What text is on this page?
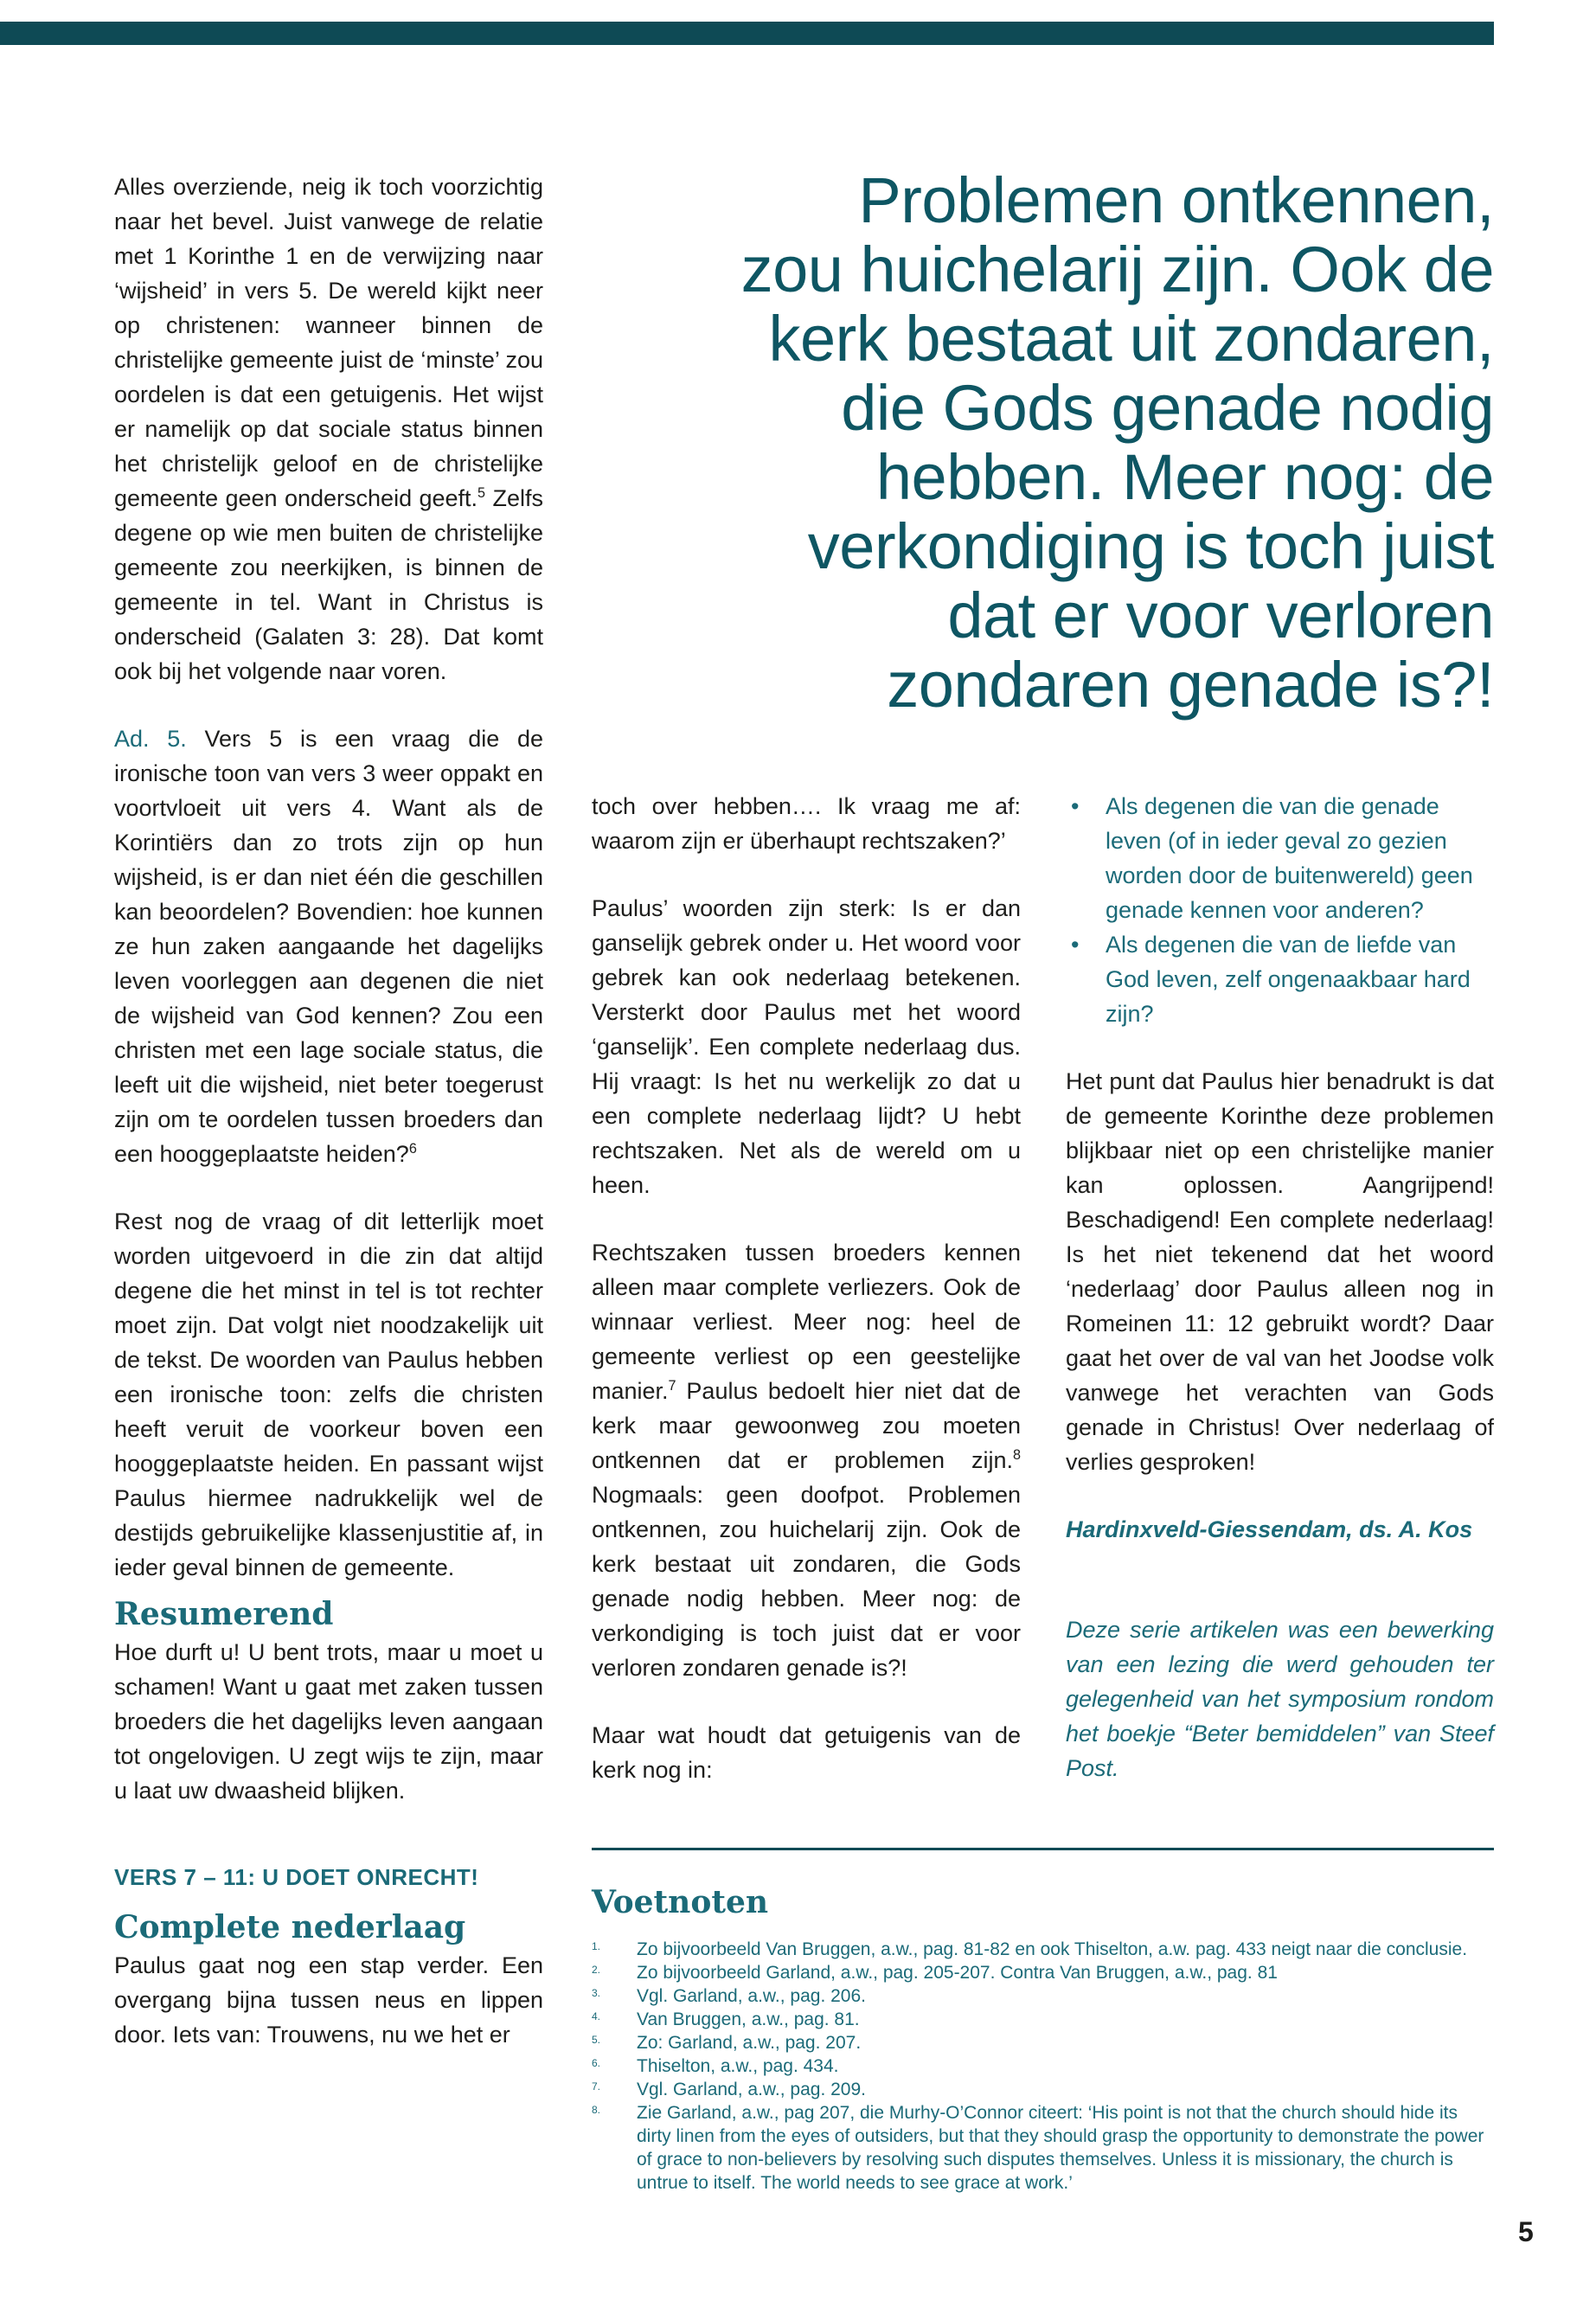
Alles overziende, neig ik toch voorzichtig naar het bevel. Juist vanwege de relatie met 1 Korinthe 1 en de verwijzing naar ‘wijsheid’ in vers 5. De wereld kijkt neer op christenen: wanneer binnen de christelijke gemeente juist de ‘minste’ zou oordelen is dat een getuigenis. Het wijst er namelijk op dat sociale status binnen het christelijk geloof en de christelijke gemeente geen onderscheid geeft.$^5$ Zelfs degene op wie men buiten de christelijke gemeente zou neerkijken, is binnen de gemeente in tel. Want in Christus is onderscheid (Galaten 3: 28). Dat komt ook bij het volgende naar voren.

Ad. 5. Vers 5 is een vraag die de ironische toon van vers 3 weer oppakt en voortvloeit uit vers 4. Want als de Korintiërs dan zo trots zijn op hun wijsheid, is er dan niet één die geschillen kan beoordelen? Bovendien: hoe kunnen ze hun zaken aangaande het dagelijks leven voorleggen aan degenen die niet de wijsheid van God kennen? Zou een christen met een lage sociale status, die leeft uit die wijsheid, niet beter toegerust zijn om te oordelen tussen broeders dan een hooggeplaatste heiden?$^6$

Rest nog de vraag of dit letterlijk moet worden uitgevoerd in die zin dat altijd degene die het minst in tel is tot rechter moet zijn. Dat volgt niet noodzakelijk uit de tekst. De woorden van Paulus hebben een ironische toon: zelfs die christen heeft veruit de voorkeur boven een hooggeplaatste heiden. En passant wijst Paulus hiermee nadrukkelijk wel de destijds gebruikelijke klassenjustitie af, in ieder geval binnen de gemeente.

Resumerend

Hoe durft u! U bent trots, maar u moet u schamen! Want u gaat met zaken tussen broeders die het dagelijks leven aangaan tot ongelovigen. U zegt wijs te zijn, maar u laat uw dwaasheid blijken.

VERS 7 – 11: U DOET ONRECHT!
Complete nederlaag

Paulus gaat nog een stap verder. Een overgang bijna tussen neus en lippen door. Iets van: Trouwens, nu we het er

Problemen ontkennen,
zou huichelarij zijn. Ook de
kerk bestaat uit zondaren,
die Gods genade nodig
hebben. Meer nog: de
verkondiging is toch juist
dat er voor verloren
zondaren genade is?!

toch over hebben…. Ik vraag me af: waarom zijn er überhaupt rechtszaken?’

Paulus’ woorden zijn sterk: Is er dan ganselijk gebrek onder u. Het woord voor gebrek kan ook nederlaag betekenen. Versterkt door Paulus met het woord ‘ganselijk’. Een complete nederlaag dus. Hij vraagt: Is het nu werkelijk zo dat u een complete nederlaag lijdt? U hebt rechtszaken. Net als de wereld om u heen.

Rechtszaken tussen broeders kennen alleen maar complete verliezers. Ook de winnaar verliest. Meer nog: heel de gemeente verliest op een geestelijke manier.$^7$ Paulus bedoelt hier niet dat de kerk maar gewoonweg zou moeten ontkennen dat er problemen zijn.$^8$ Nogmaals: geen doofpot. Problemen ontkennen, zou huichelarij zijn. Ook de kerk bestaat uit zondaren, die Gods genade nodig hebben. Meer nog: de verkondiging is toch juist dat er voor verloren zondaren genade is?!

Maar wat houdt dat getuigenis van de kerk nog in:

• Als degenen die van die genade leven (of in ieder geval zo gezien worden door de buitenwereld) geen genade kennen voor anderen?
• Als degenen die van de liefde van God leven, zelf ongenaakbaar hard zijn?

Het punt dat Paulus hier benadrukt is dat de gemeente Korinthe deze problemen blijkbaar niet op een christelijke manier kan oplossen. Aangrijpend! Beschadigend! Een complete nederlaag! Is het niet tekenend dat het woord ‘nederlaag’ door Paulus alleen nog in Romeinen 11: 12 gebruikt wordt? Daar gaat het over de val van het Joodse volk vanwege het verachten van Gods genade in Christus! Over nederlaag of verlies gesproken!

Hardinxveld-Giessendam, ds. A. Kos

Deze serie artikelen was een bewerking van een lezing die werd gehouden ter gelegenheid van het symposium rondom het boekje “Beter bemiddelen” van Steef Post.

Voetnoten
1.	Zo bijvoorbeeld Van Bruggen, a.w., pag. 81-82 en ook Thiselton, a.w. pag. 433 neigt naar die conclusie.
2.	Zo bijvoorbeeld Garland, a.w., pag. 205-207. Contra Van Bruggen, a.w., pag. 81
3.	Vgl. Garland, a.w., pag. 206.
4.	Van Bruggen, a.w., pag. 81.
5.	Zo: Garland, a.w., pag. 207.
6.	Thiselton, a.w., pag. 434.
7.	Vgl. Garland, a.w., pag. 209.
8.	Zie Garland, a.w., pag 207, die Murhy-O’Connor citeert: ‘His point is not that the church should hide its dirty linen from the eyes of outsiders, but that they should grasp the opportunity to demonstrate the power of grace to non-believers by resolving such disputes themselves. Unless it is missionary, the church is untrue to itself. The world needs to see grace at work.’
5
